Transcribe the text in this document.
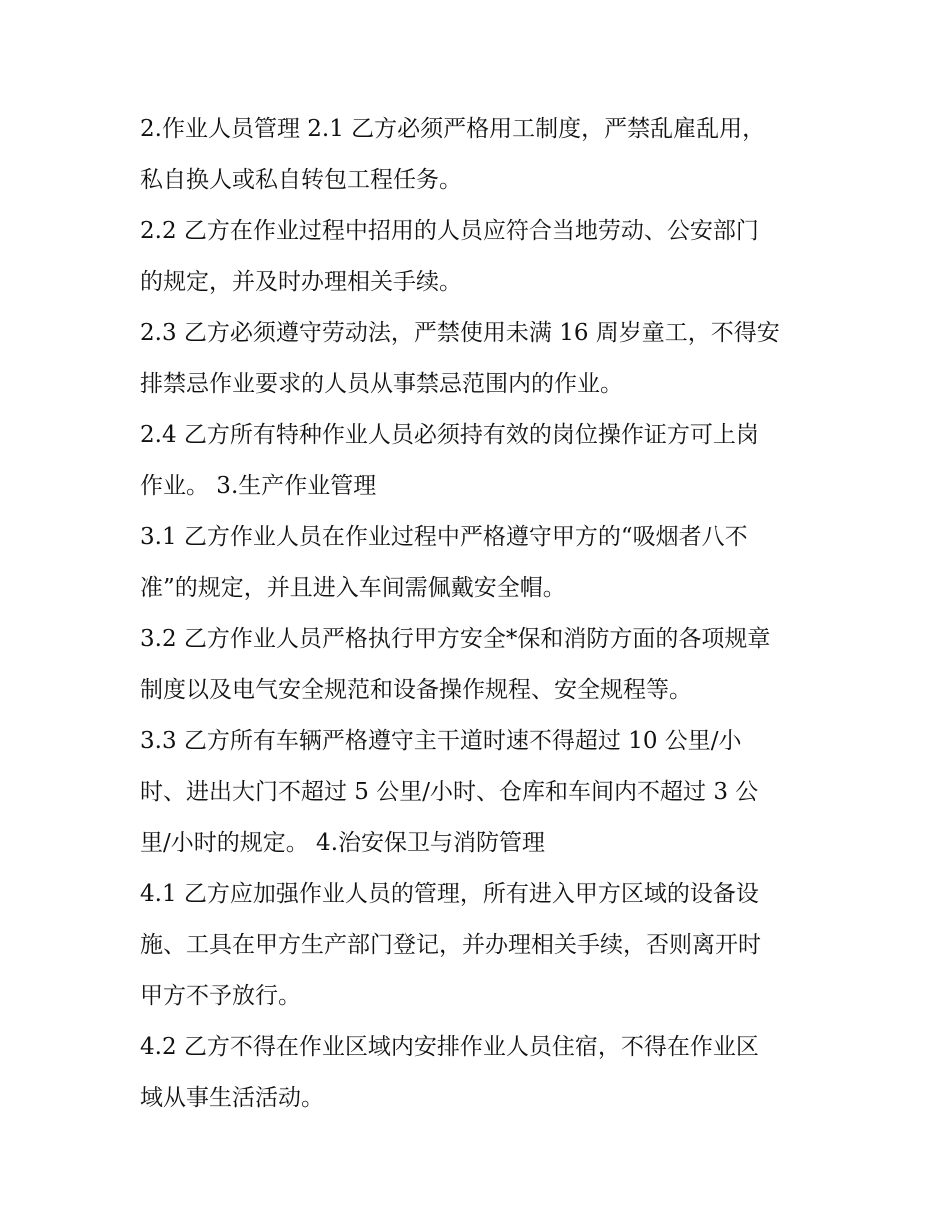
2.作业人员管理 2.1 乙方必须严格用工制度，严禁乱雇乱用，
私自换人或私自转包工程任务。
2.2 乙方在作业过程中招用的人员应符合当地劳动、公安部门
的规定，并及时办理相关手续。
2.3 乙方必须遵守劳动法，严禁使用未满 16 周岁童工，不得安
排禁忌作业要求的人员从事禁忌范围内的作业。
2.4 乙方所有特种作业人员必须持有效的岗位操作证方可上岗
作业。 3.生产作业管理
3.1 乙方作业人员在作业过程中严格遵守甲方的“吸烟者八不
准”的规定，并且进入车间需佩戴安全帽。
3.2 乙方作业人员严格执行甲方安全*保和消防方面的各项规章
制度以及电气安全规范和设备操作规程、安全规程等。
3.3 乙方所有车辆严格遵守主干道时速不得超过 10 公里/小
时、进出大门不超过 5 公里/小时、仓库和车间内不超过 3 公
里/小时的规定。 4.治安保卫与消防管理
4.1 乙方应加强作业人员的管理，所有进入甲方区域的设备设
施、工具在甲方生产部门登记，并办理相关手续，否则离开时
甲方不予放行。
4.2 乙方不得在作业区域内安排作业人员住宿，不得在作业区
域从事生活活动。
